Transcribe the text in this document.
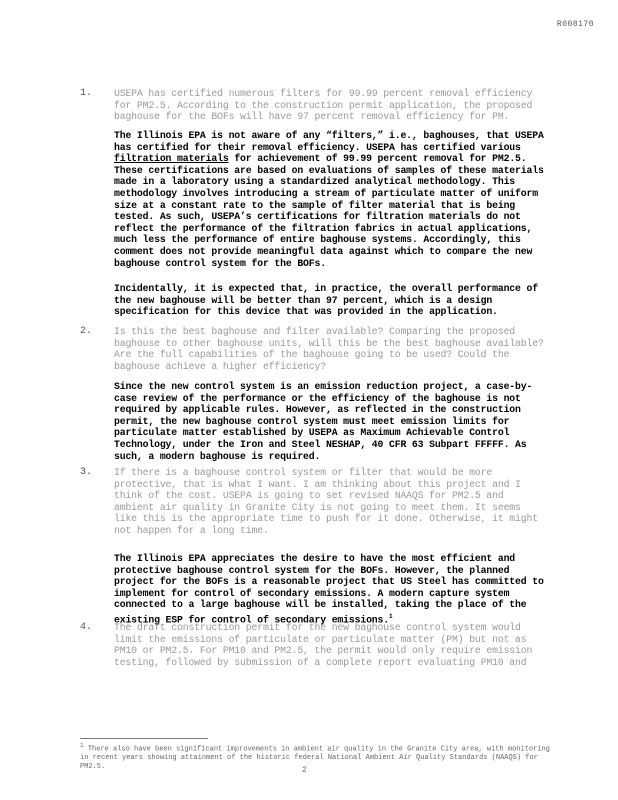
R008170
1. USEPA has certified numerous filters for 99.99 percent removal efficiency for PM2.5. According to the construction permit application, the proposed baghouse for the BOFs will have 97 percent removal efficiency for PM.
The Illinois EPA is not aware of any “filters,” i.e., baghouses, that USEPA has certified for their removal efficiency. USEPA has certified various filtration materials for achievement of 99.99 percent removal for PM2.5. These certifications are based on evaluations of samples of these materials made in a laboratory using a standardized analytical methodology. This methodology involves introducing a stream of particulate matter of uniform size at a constant rate to the sample of filter material that is being tested. As such, USEPA’s certifications for filtration materials do not reflect the performance of the filtration fabrics in actual applications, much less the performance of entire baghouse systems. Accordingly, this comment does not provide meaningful data against which to compare the new baghouse control system for the BOFs.
Incidentally, it is expected that, in practice, the overall performance of the new baghouse will be better than 97 percent, which is a design specification for this device that was provided in the application.
2. Is this the best baghouse and filter available? Comparing the proposed baghouse to other baghouse units, will this be the best baghouse available? Are the full capabilities of the baghouse going to be used? Could the baghouse achieve a higher efficiency?
Since the new control system is an emission reduction project, a case-by-case review of the performance or the efficiency of the baghouse is not required by applicable rules. However, as reflected in the construction permit, the new baghouse control system must meet emission limits for particulate matter established by USEPA as Maximum Achievable Control Technology, under the Iron and Steel NESHAP, 40 CFR 63 Subpart FFFFF. As such, a modern baghouse is required.
3. If there is a baghouse control system or filter that would be more protective, that is what I want. I am thinking about this project and I think of the cost. USEPA is going to set revised NAAQS for PM2.5 and ambient air quality in Granite City is not going to meet them. It seems like this is the appropriate time to push for it done. Otherwise, it might not happen for a long time.
The Illinois EPA appreciates the desire to have the most efficient and protective baghouse control system for the BOFs. However, the planned project for the BOFs is a reasonable project that US Steel has committed to implement for control of secondary emissions. A modern capture system connected to a large baghouse will be installed, taking the place of the existing ESP for control of secondary emissions.$^1$
4. The draft construction permit for the new baghouse control system would limit the emissions of particulate or particulate matter (PM) but not as PM10 or PM2.5. For PM10 and PM2.5, the permit would only require emission testing, followed by submission of a complete report evaluating PM10 and
1 There also have been significant improvements in ambient air quality in the Granite City area, with monitoring in recent years showing attainment of the historic federal National Ambient Air Quality Standards (NAAQS) for PM2.5.	2
